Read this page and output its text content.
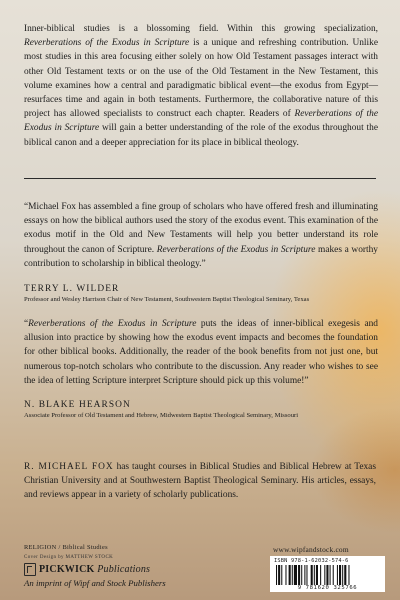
Inner-biblical studies is a blossoming field. Within this growing specialization, Reverberations of the Exodus in Scripture is a unique and refreshing contribution. Unlike most studies in this area focusing either solely on how Old Testament passages interact with other Old Testament texts or on the use of the Old Testament in the New Testament, this volume examines how a central and paradigmatic biblical event—the exodus from Egypt— resurfaces time and again in both testaments. Furthermore, the collaborative nature of this project has allowed specialists to construct each chapter. Readers of Reverberations of the Exodus in Scripture will gain a better understanding of the role of the exodus throughout the biblical canon and a deeper appreciation for its place in biblical theology.

“Michael Fox has assembled a fine group of scholars who have offered fresh and illuminating essays on how the biblical authors used the story of the exodus event. This examination of the exodus motif in the Old and New Testaments will help you better understand its role throughout the canon of Scripture. Reverberations of the Exodus in Scripture makes a worthy contribution to scholarship in biblical theology.”

TERRY L. WILDER
Professor and Wesley Harrison Chair of New Testament, Southwestern Baptist Theological Seminary, Texas

“Reverberations of the Exodus in Scripture puts the ideas of inner-biblical exegesis and allusion into practice by showing how the exodus event impacts and becomes the foundation for other biblical books. Additionally, the reader of the book benefits from not just one, but numerous top-notch scholars who contribute to the discussion. Any reader who wishes to see the idea of letting Scripture interpret Scripture should pick up this volume!”

N. BLAKE HEARSON
Associate Professor of Old Testament and Hebrew, Midwestern Baptist Theological Seminary, Missouri

R. MICHAEL FOX has taught courses in Biblical Studies and Biblical Hebrew at Texas Christian University and at Southwestern Baptist Theological Seminary. His articles, essays, and reviews appear in a variety of scholarly publications.

RELIGION / Biblical Studies
Cover Design by MATTHEW STOCK
PICKWICK Publications
An imprint of Wipf and Stock Publishers
www.wipfandstock.com
ISBN 978-1-62032-574-6
9 781620 325766
